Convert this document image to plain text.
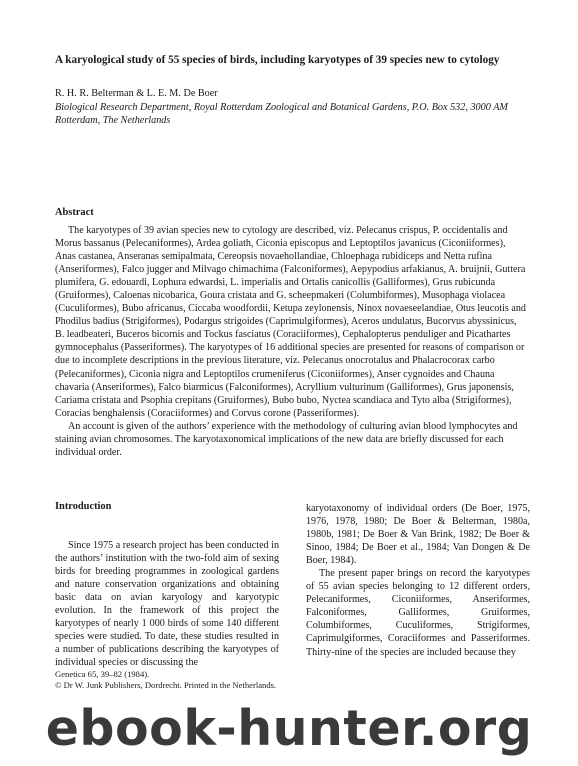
A karyological study of 55 species of birds, including karyotypes of 39 species new to cytology
R. H. R. Belterman & L. E. M. De Boer
Biological Research Department, Royal Rotterdam Zoological and Botanical Gardens, P.O. Box 532, 3000 AM Rotterdam, The Netherlands
Abstract

The karyotypes of 39 avian species new to cytology are described, viz. Pelecanus crispus, P. occidentalis and Morus bassanus (Pelecaniformes), Ardea goliath, Ciconia episcopus and Leptoptilos javanicus (Ciconiiformes), Anas castanea, Anseranas semipalmata, Cereopsis novaehollandiae, Chloephaga rubidiceps and Netta rufina (Anseriformes), Falco jugger and Milvago chimachima (Falconiformes), Aepypodius arfakianus, A. bruijnii, Guttera plumifera, G. edouardi, Lophura edwardsi, L. imperialis and Ortalis canicollis (Galliformes), Grus rubicunda (Gruiformes), Caloenas nicobarica, Goura cristata and G. scheepmakeri (Columbiformes), Musophaga violacea (Cuculiformes), Bubo africanus, Ciccaba woodfordii, Ketupa zeylonensis, Ninox novaeseelandiae, Otus leucotis and Phodilus badius (Strigiformes), Podargus strigoides (Caprimulgiformes), Aceros undulatus, Bucorvus abyssinicus, B. leadbeateri, Buceros bicornis and Tockus fasciatus (Coraciiformes), Cephalopterus penduliger and Picathartes gymnocephalus (Passeriformes). The karyotypes of 16 additional species are presented for reasons of comparison or due to incomplete descriptions in the previous literature, viz. Pelecanus onocrotalus and Phalacrocorax carbo (Pelecaniformes), Ciconia nigra and Leptoptilos crumeniferus (Ciconiiformes), Anser cygnoides and Chauna chavaria (Anseriformes), Falco biarmicus (Falconiformes), Acryllium vulturinum (Galliformes), Grus japonensis, Cariama cristata and Psophia crepitans (Gruiformes), Bubo bubo, Nyctea scandiaca and Tyto alba (Strigiformes), Coracias benghalensis (Coraciiformes) and Corvus corone (Passeriformes).

An account is given of the authors’ experience with the methodology of culturing avian blood lymphocytes and staining avian chromosomes. The karyotaxonomical implications of the new data are briefly discussed for each individual order.

Introduction

Since 1975 a research project has been conducted in the authors’ institution with the two-fold aim of sexing birds for breeding programmes in zoological gardens and nature conservation organizations and obtaining basic data on avian karyology and karyotypic evolution. In the framework of this project the karyotypes of nearly 1 000 birds of some 140 different species were studied. To date, these studies resulted in a number of publications describing the karyotypes of individual species or discussing the

karyotaxonomy of individual orders (De Boer, 1975, 1976, 1978, 1980; De Boer & Belterman, 1980a, 1980b, 1981; De Boer & Van Brink, 1982; De Boer & Sinoo, 1984; De Boer et al., 1984; Van Dongen & De Boer, 1984).

The present paper brings on record the karyotypes of 55 avian species belonging to 12 different orders, Pelecaniformes, Ciconiiformes, Anseriformes, Falconiformes, Galliformes, Gruiformes, Columbiformes, Cuculiformes, Strigiformes, Caprimulgiformes, Coraciiformes and Passeriformes. Thirty-nine of the species are included because they

Genetica 65, 39–82 (1984).
© Dr W. Junk Publishers, Dordrecht. Printed in the Netherlands.
ebook-hunter.org
